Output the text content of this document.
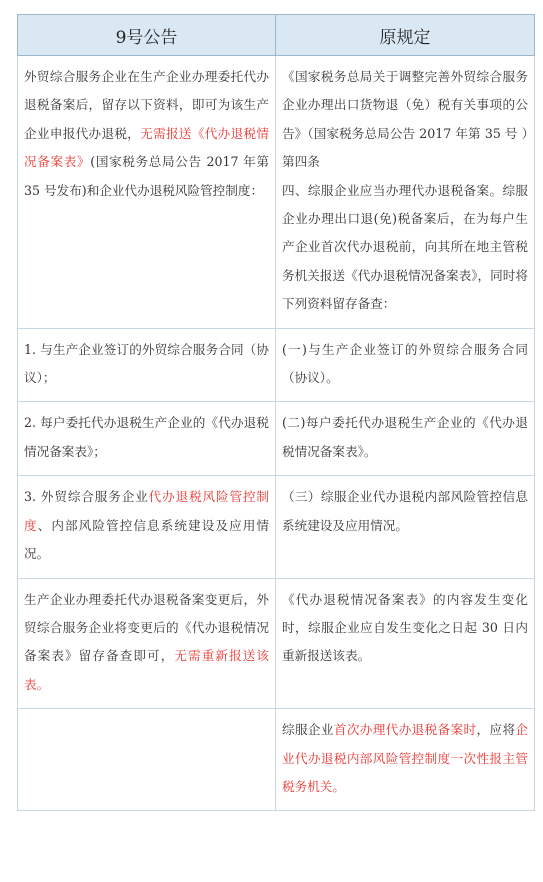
9号公告	原规定
外贸综合服务企业在生产企业办理委托代办退税备案后，留存以下资料，即可为该生产企业申报代办退税，无需报送《代办退税情况备案表》(国家税务总局公告 2017 年第 35 号发布)和企业代办退税风险管控制度：	《国家税务总局关于调整完善外贸综合服务企业办理出口货物退（免）税有关事项的公告》（国家税务总局公告 2017 年第 35 号 ）第四条
四、综服企业应当办理代办退税备案。综服企业办理出口退(免)税备案后，在为每户生产企业首次代办退税前，向其所在地主管税务机关报送《代办退税情况备案表》，同时将下列资料留存备查：
1. 与生产企业签订的外贸综合服务合同（协议）；	(一)与生产企业签订的外贸综合服务合同（协议）。
2. 每户委托代办退税生产企业的《代办退税情况备案表》；	(二)每户委托代办退税生产企业的《代办退税情况备案表》。
3. 外贸综合服务企业代办退税风险管控制度、内部风险管控信息系统建设及应用情况。	（三）综服企业代办退税内部风险管控信息系统建设及应用情况。
生产企业办理委托代办退税备案变更后，外贸综合服务企业将变更后的《代办退税情况备案表》留存备查即可，无需重新报送该表。	《代办退税情况备案表》的内容发生变化时，综服企业应自发生变化之日起 30 日内重新报送该表。
	综服企业首次办理代办退税备案时，应将企业代办退税内部风险管控制度一次性报主管税务机关。
